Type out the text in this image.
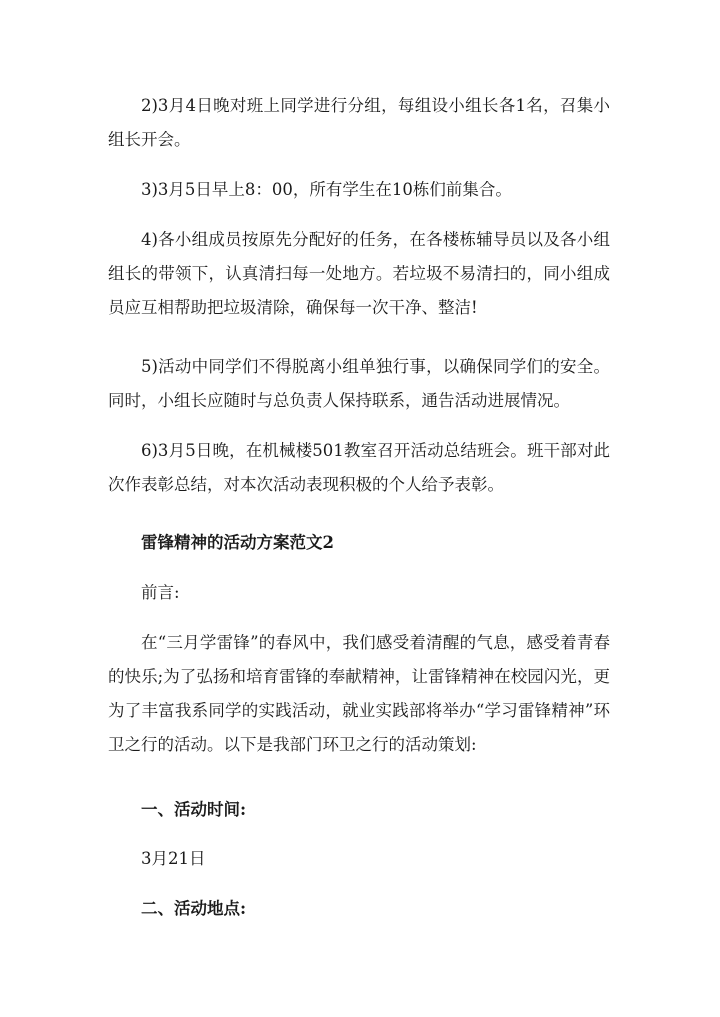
2)3月4日晚对班上同学进行分组，每组设小组长各1名，召集小组长开会。

3)3月5日早上8：00，所有学生在10栋们前集合。

4)各小组成员按原先分配好的任务，在各楼栋辅导员以及各小组组长的带领下，认真清扫每一处地方。若垃圾不易清扫的，同小组成员应互相帮助把垃圾清除，确保每一次干净、整洁!

5)活动中同学们不得脱离小组单独行事，以确保同学们的安全。同时，小组长应随时与总负责人保持联系，通告活动进展情况。

6)3月5日晚，在机械楼501教室召开活动总结班会。班干部对此次作表彰总结，对本次活动表现积极的个人给予表彰。

雷锋精神的活动方案范文2

前言:

在“三月学雷锋”的春风中，我们感受着清醒的气息，感受着青春的快乐;为了弘扬和培育雷锋的奉献精神，让雷锋精神在校园闪光，更为了丰富我系同学的实践活动，就业实践部将举办“学习雷锋精神”环卫之行的活动。以下是我部门环卫之行的活动策划:

一、活动时间:

3月21日

二、活动地点:
